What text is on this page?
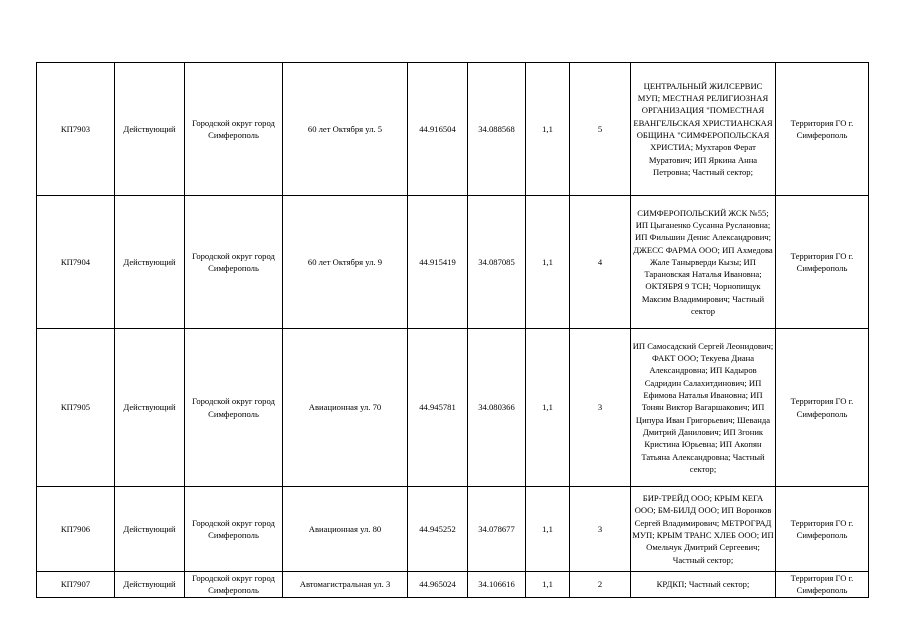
КП7903	Действующий	Городской округ город Симферополь	60 лет Октября ул. 5	44.916504	34.088568	1,1	5	ЦЕНТРАЛЬНЫЙ ЖИЛСЕРВИС МУП; МЕСТНАЯ РЕЛИГИОЗНАЯ ОРГАНИЗАЦИЯ "ПОМЕСТНАЯ ЕВАНГЕЛЬСКАЯ ХРИСТИАНСКАЯ ОБЩИНА "СИМФЕРОПОЛЬСКАЯ ХРИСТИА; Мухтаров Ферат Муратович; ИП Яркина Анна Петровна; Частный сектор;	Территория ГО г. Симферополь
КП7904	Действующий	Городской округ город Симферополь	60 лет Октября ул. 9	44.915419	34.087085	1,1	4	СИМФЕРОПОЛЬСКИЙ ЖСК №55; ИП Цыганенко Сусанна Руслановна; ИП Фильшин Денис Александрович; ДЖЕСС ФАРМА ООО; ИП Ахмедова Жале Танырверди Кызы; ИП Тарановская Наталья Ивановна; ОКТЯБРЯ 9 ТСН; Чорнопищук Максим Владимирович; Частный сектор	Территория ГО г. Симферополь
КП7905	Действующий	Городской округ город Симферополь	Авиационная ул. 70	44.945781	34.080366	1,1	3	ИП Самосадский Сергей Леонидович; ФАКТ ООО; Текуева Диана Александровна; ИП Кадыров Садридин Салахитдинович; ИП Ефимова Наталья Ивановна; ИП Тонян Виктор Вагаршакович; ИП Ципура Иван Григорьевич; Шеванда Дмитрий Данилович; ИП Згоник Кристина Юрьевна; ИП Акопян Татьяна Александровна; Частный сектор;	Территория ГО г. Симферополь
КП7906	Действующий	Городской округ город Симферополь	Авиационная ул. 80	44.945252	34.078677	1,1	3	БИР-ТРЕЙД ООО; КРЫМ КЕГА ООО; БМ-БИЛД ООО; ИП Воронков Сергей Владимирович; МЕТРОГРАД МУП; КРЫМ ТРАНС ХЛЕБ ООО; ИП Омельчук Дмитрий Сергеевич; Частный сектор;	Территория ГО г. Симферополь
КП7907	Действующий	Городской округ город Симферополь	Автомагистральная ул. 3	44.965024	34.106616	1,1	2	КРДКП; Частный сектор;	Территория ГО г. Симферополь
